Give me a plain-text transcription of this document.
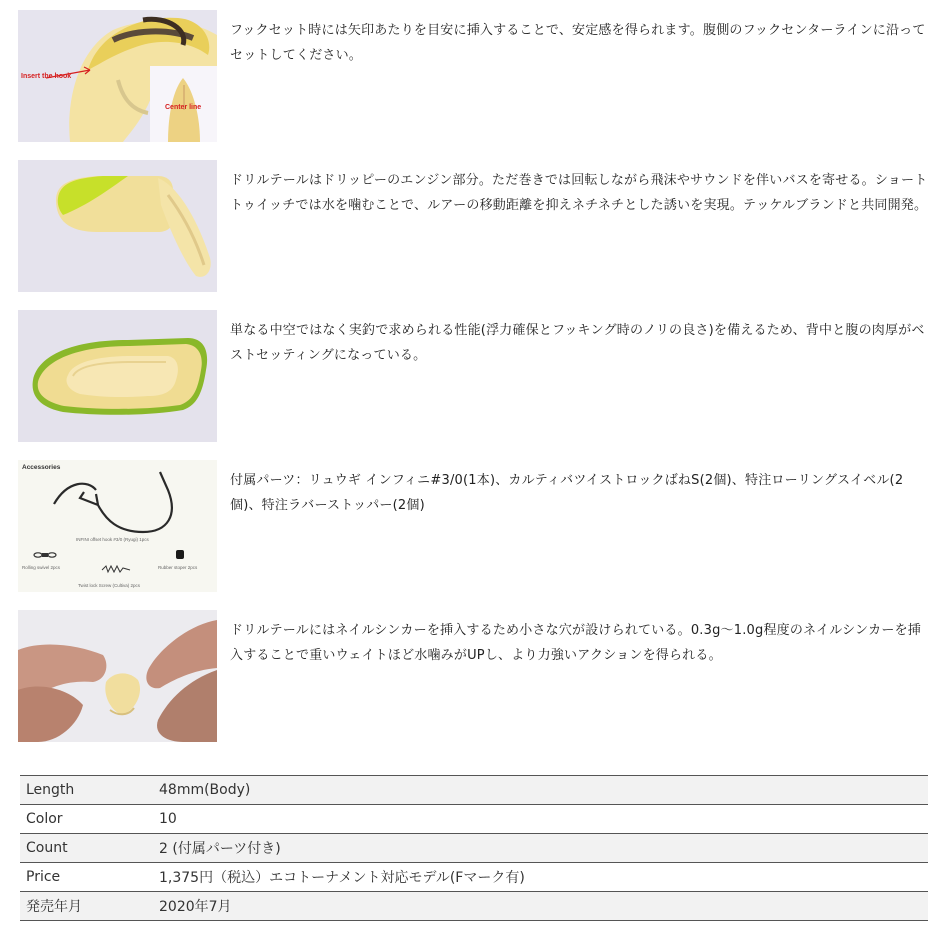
Insert the hook
Center line

フックセット時には矢印あたりを目安に挿入することで、安定感を得られます。腹側のフックセンターラインに沿ってセットしてください。

ドリルテールはドリッピーのエンジン部分。ただ巻きでは回転しながら飛沫やサウンドを伴いバスを寄せる。ショートトゥイッチでは水を噛むことで、ルアーの移動距離を抑えネチネチとした誘いを実現。テッケルブランドと共同開発。

単なる中空ではなく実釣で求められる性能(浮力確保とフッキング時のノリの良さ)を備えるため、背中と腹の肉厚がベストセッティングになっている。

Accessories
INFINI offset hook #3/0 (Ryugi) 1pcs
Rolling swivel 2pcs
Twist lock Screw (Cultiva) 2pcs
Rubber stoper 2pcs

付属パーツ：リュウギ インフィニ#3/0(1本)、カルティバツイストロックばねS(2個)、特注ローリングスイベル(2個)、特注ラバーストッパー(2個)

ドリルテールにはネイルシンカーを挿入するため小さな穴が設けられている。0.3g～1.0g程度のネイルシンカーを挿入することで重いウェイトほど水噛みがUPし、より力強いアクションを得られる。

Length	48mm(Body)
Color	10
Count	2 (付属パーツ付き)
Price	1,375円（税込）エコトーナメント対応モデル(Fマーク有)
発売年月	2020年7月
